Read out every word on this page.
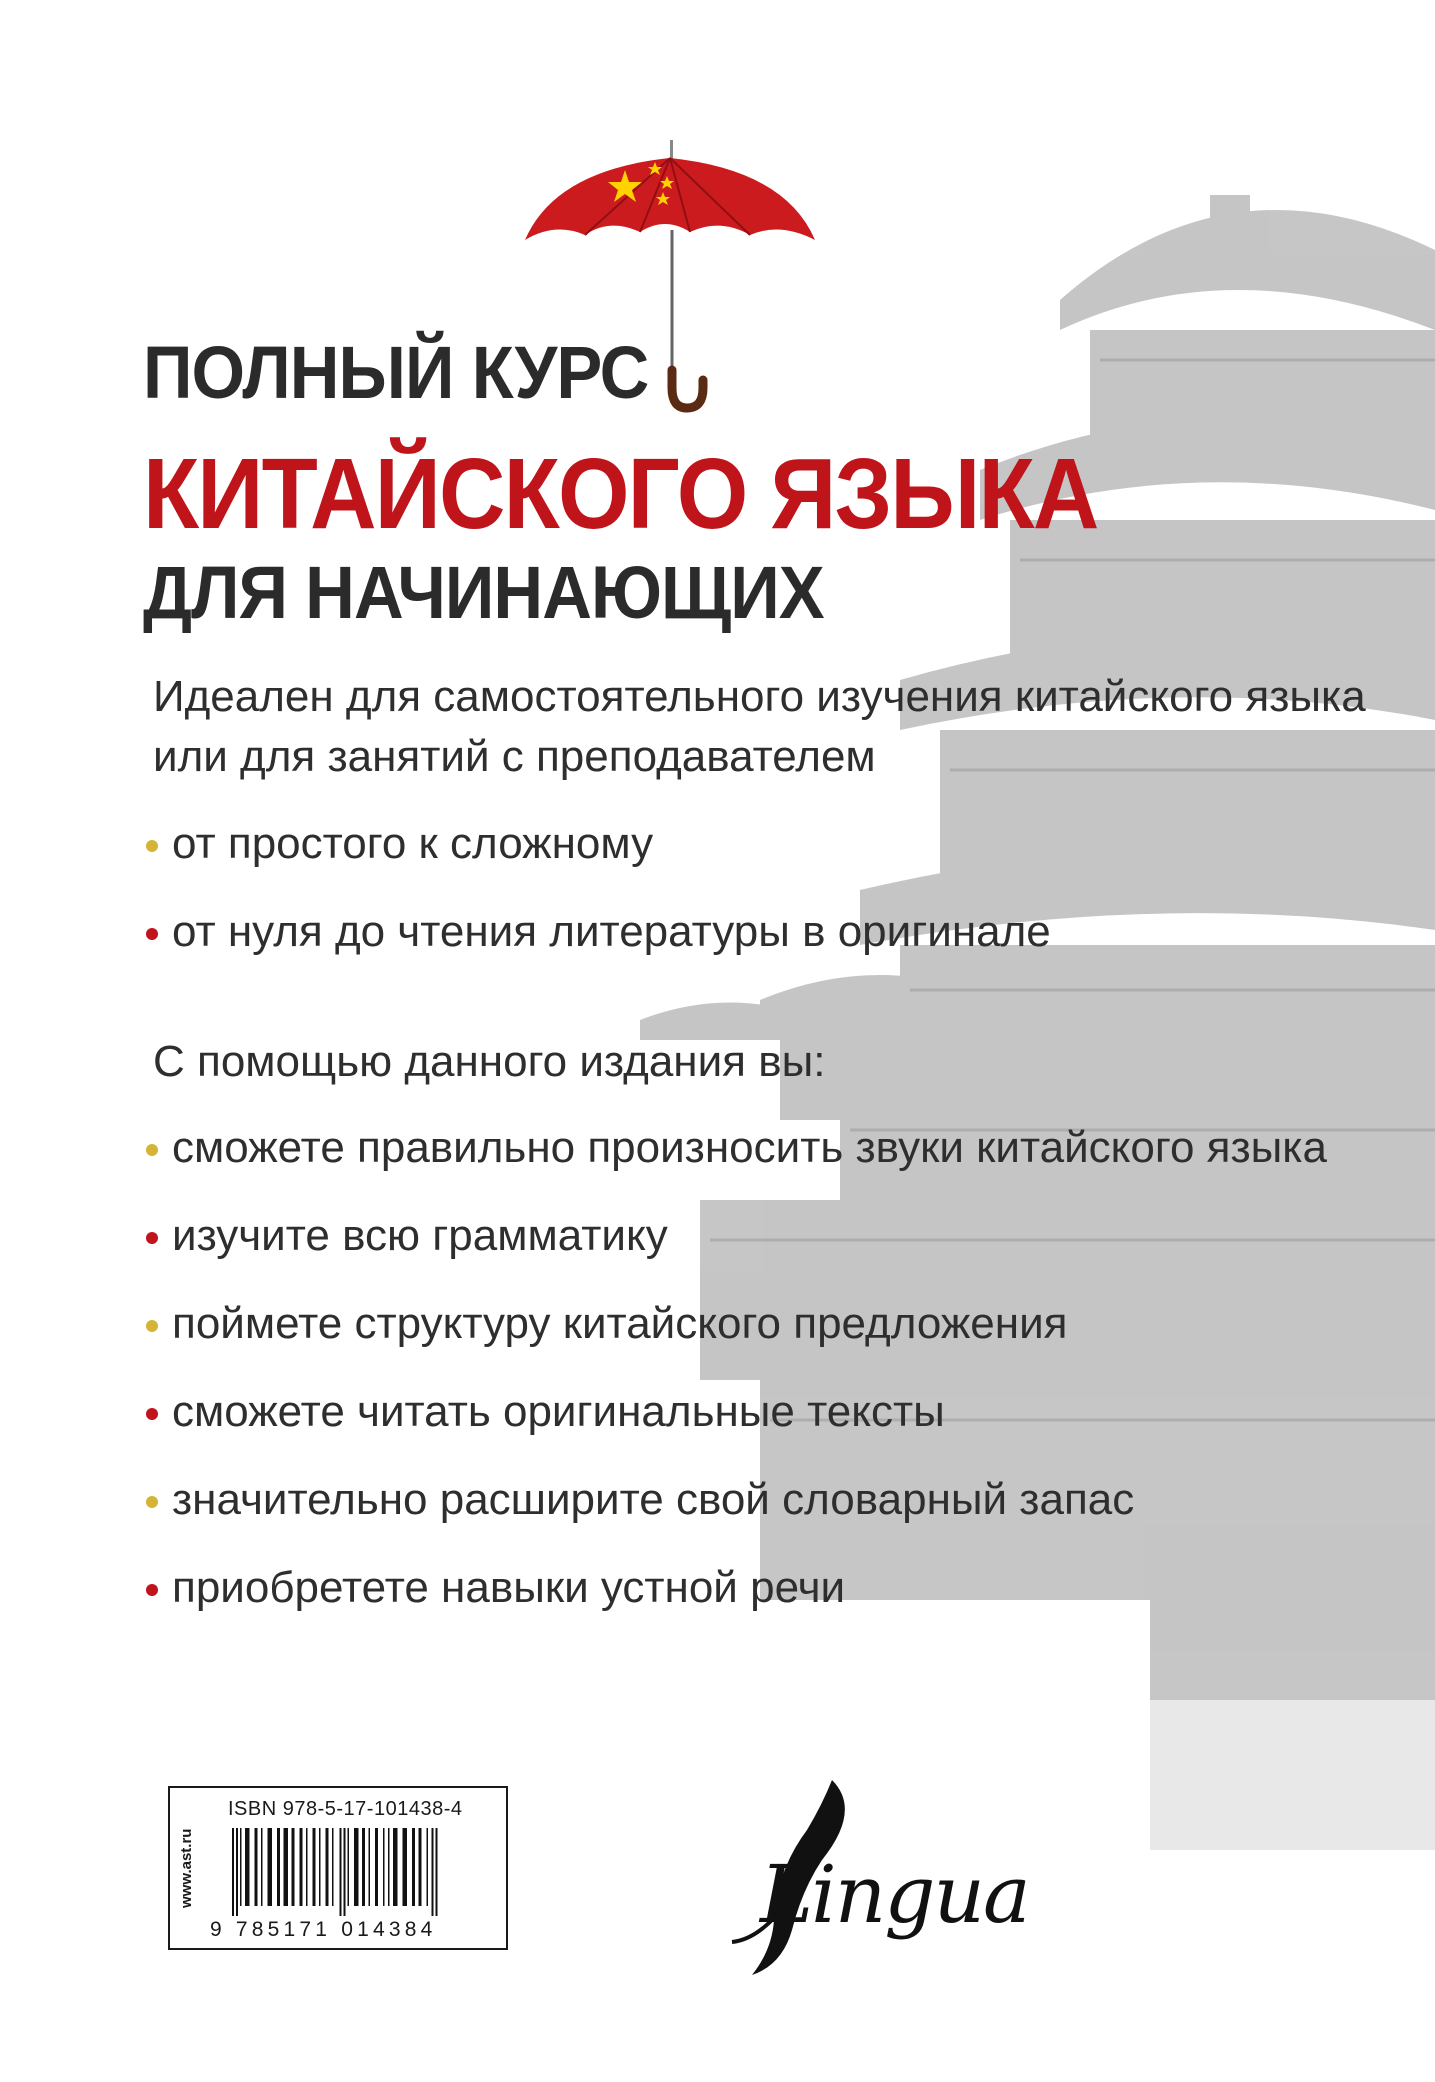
ПОЛНЫЙ КУРС
КИТАЙСКОГО ЯЗЫКА
ДЛЯ НАЧИНАЮЩИХ
Идеален для самостоятельного изучения китайского языка
или для занятий с преподавателем
от простого к сложному
от нуля до чтения литературы в оригинале
С помощью данного издания вы:
сможете правильно произносить звуки китайского языка
изучите всю грамматику
поймете структуру китайского предложения
сможете читать оригинальные тексты
значительно расширите свой словарный запас
приобретете навыки устной речи
www.ast.ru
ISBN 978-5-17-101438-4
9 785171 014384	Lingua
